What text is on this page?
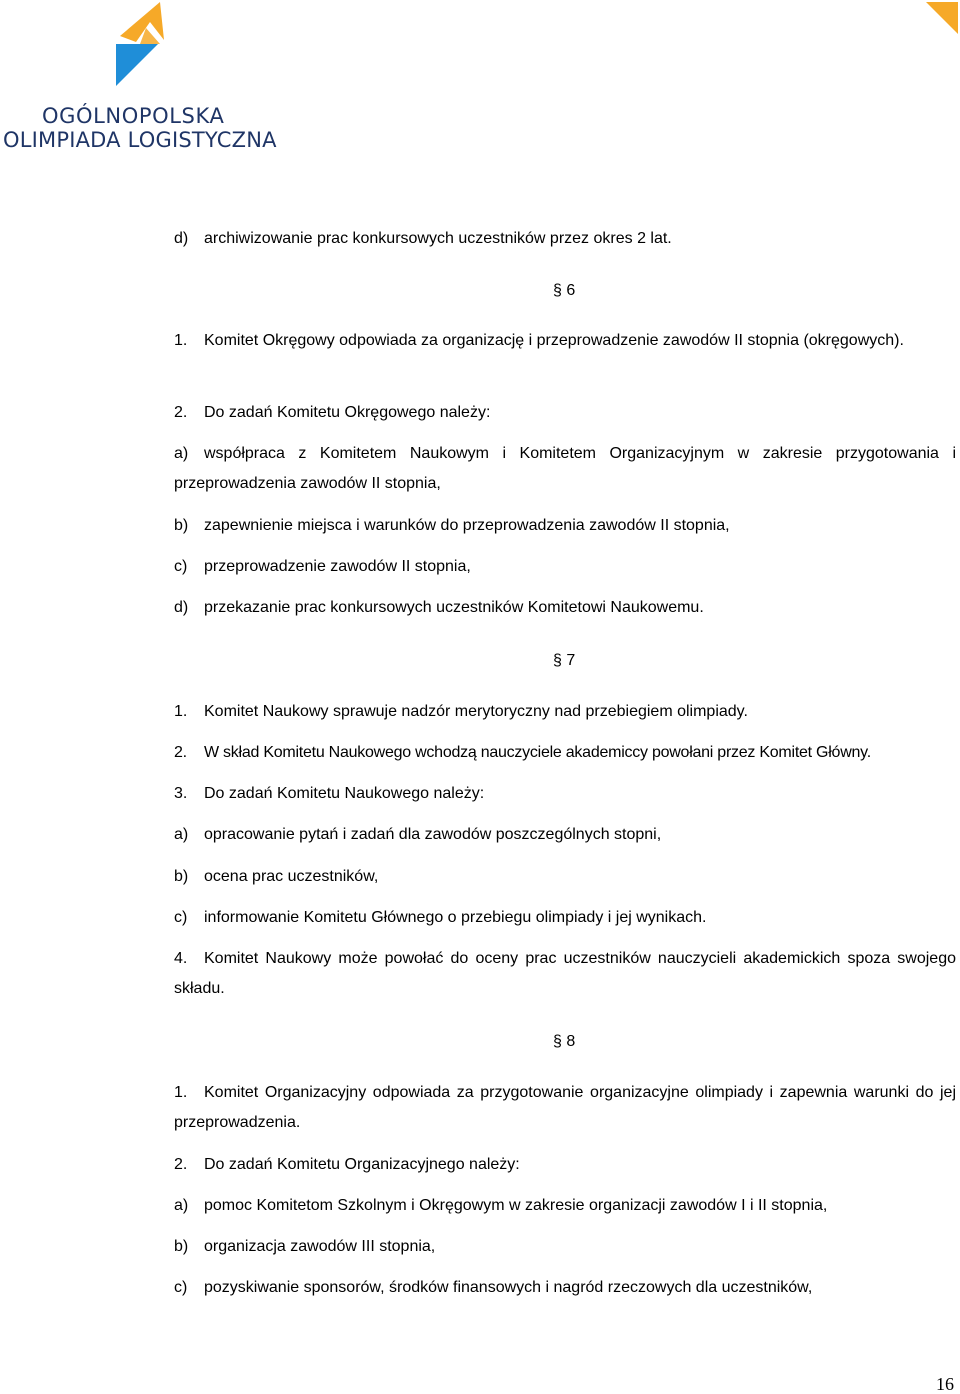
OGÓLNOPOLSKA
OLIMPIADA LOGISTYCZNA
d) archiwizowanie prac konkursowych uczestników przez okres 2 lat.
§ 6
1. Komitet Okręgowy odpowiada za organizację i przeprowadzenie zawodów II stopnia (okręgowych).
2. Do zadań Komitetu Okręgowego należy:
a) współpraca z Komitetem Naukowym i Komitetem Organizacyjnym w zakresie przygotowania i przeprowadzenia zawodów II stopnia,
b) zapewnienie miejsca i warunków do przeprowadzenia zawodów II stopnia,
c) przeprowadzenie zawodów II stopnia,
d) przekazanie prac konkursowych uczestników Komitetowi Naukowemu.
§ 7
1. Komitet Naukowy sprawuje nadzór merytoryczny nad przebiegiem olimpiady.
2. W skład Komitetu Naukowego wchodzą nauczyciele akademiccy powołani przez Komitet Główny.
3. Do zadań Komitetu Naukowego należy:
a) opracowanie pytań i zadań dla zawodów poszczególnych stopni,
b) ocena prac uczestników,
c) informowanie Komitetu Głównego o przebiegu olimpiady i jej wynikach.
4. Komitet Naukowy może powołać do oceny prac uczestników nauczycieli akademickich spoza swojego składu.
§ 8
1. Komitet Organizacyjny odpowiada za przygotowanie organizacyjne olimpiady i zapewnia warunki do jej przeprowadzenia.
2. Do zadań Komitetu Organizacyjnego należy:
a) pomoc Komitetom Szkolnym i Okręgowym w zakresie organizacji zawodów I i II stopnia,
b) organizacja zawodów III stopnia,
c) pozyskiwanie sponsorów, środków finansowych i nagród rzeczowych dla uczestników,
16
